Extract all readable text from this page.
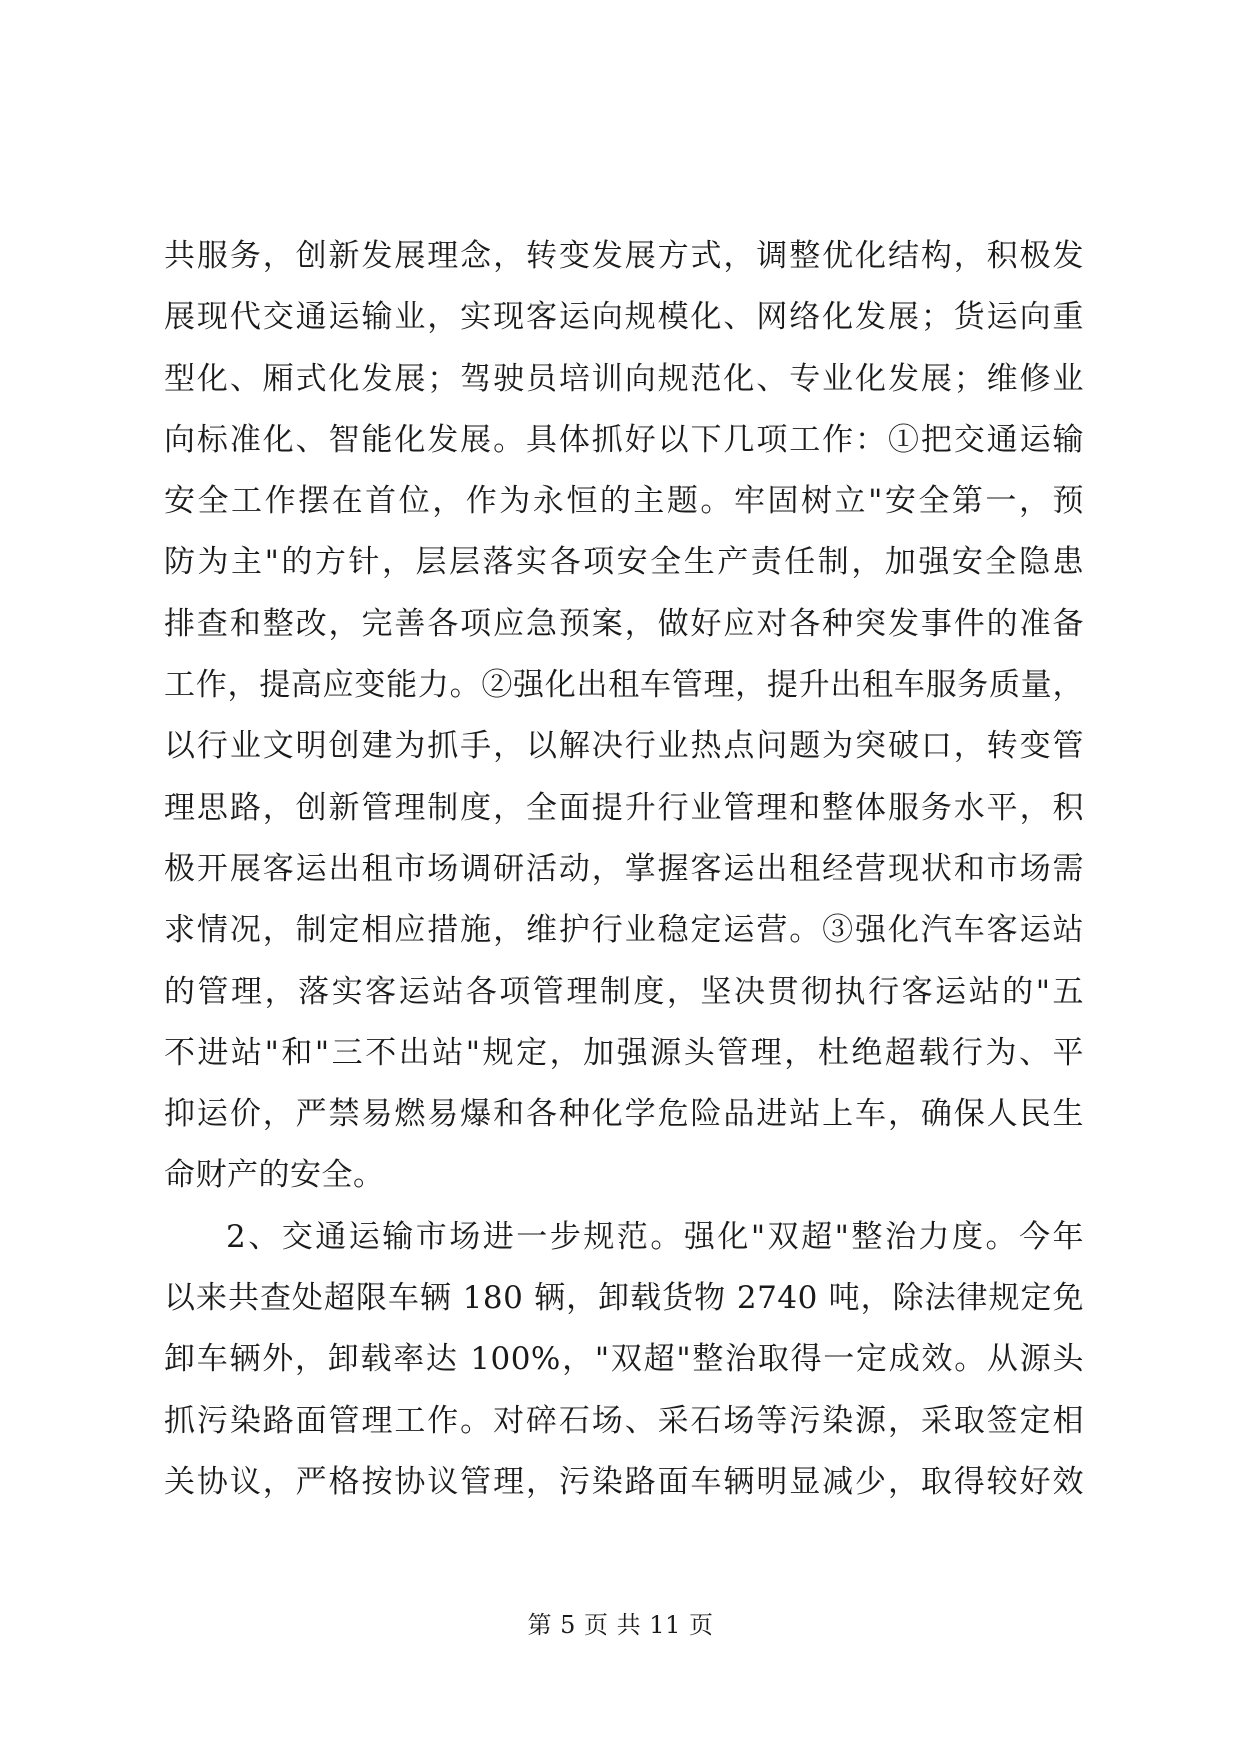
共服务，创新发展理念，转变发展方式，调整优化结构，积极发
展现代交通运输业，实现客运向规模化、网络化发展；货运向重
型化、厢式化发展；驾驶员培训向规范化、专业化发展；维修业
向标准化、智能化发展。具体抓好以下几项工作：①把交通运输
安全工作摆在首位，作为永恒的主题。牢固树立"安全第一，预
防为主"的方针，层层落实各项安全生产责任制，加强安全隐患
排查和整改，完善各项应急预案，做好应对各种突发事件的准备
工作，提高应变能力。②强化出租车管理，提升出租车服务质量，
以行业文明创建为抓手，以解决行业热点问题为突破口，转变管
理思路，创新管理制度，全面提升行业管理和整体服务水平，积
极开展客运出租市场调研活动，掌握客运出租经营现状和市场需
求情况，制定相应措施，维护行业稳定运营。③强化汽车客运站
的管理，落实客运站各项管理制度，坚决贯彻执行客运站的"五
不进站"和"三不出站"规定，加强源头管理，杜绝超载行为、平
抑运价，严禁易燃易爆和各种化学危险品进站上车，确保人民生
命财产的安全。
2、交通运输市场进一步规范。强化"双超"整治力度。今年
以来共查处超限车辆 180 辆，卸载货物 2740 吨，除法律规定免
卸车辆外，卸载率达 100%，"双超"整治取得一定成效。从源头
抓污染路面管理工作。对碎石场、采石场等污染源，采取签定相
关协议，严格按协议管理，污染路面车辆明显减少，取得较好效
第 5 页 共 11 页
